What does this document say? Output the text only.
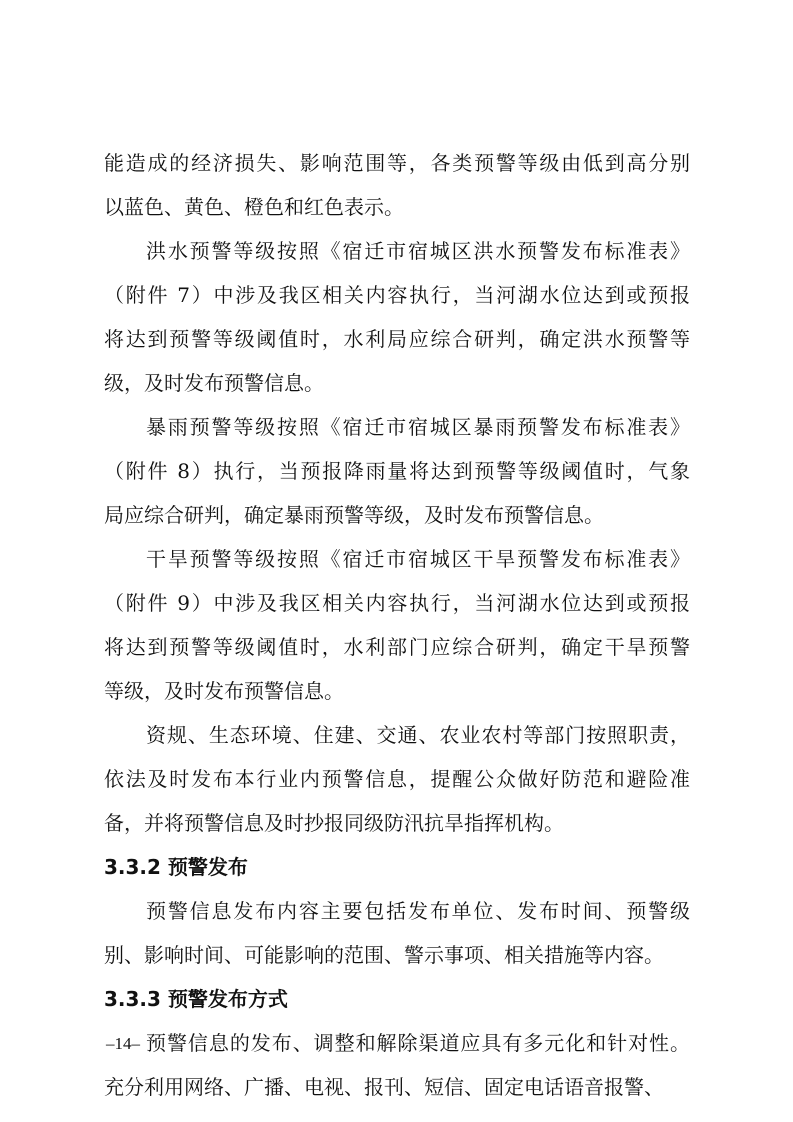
能造成的经济损失、影响范围等，各类预警等级由低到高分别
以蓝色、黄色、橙色和红色表示。
洪水预警等级按照《宿迁市宿城区洪水预警发布标准表》
（附件 7）中涉及我区相关内容执行，当河湖水位达到或预报
将达到预警等级阈值时，水利局应综合研判，确定洪水预警等
级，及时发布预警信息。
暴雨预警等级按照《宿迁市宿城区暴雨预警发布标准表》
（附件 8）执行，当预报降雨量将达到预警等级阈值时，气象
局应综合研判，确定暴雨预警等级，及时发布预警信息。
干旱预警等级按照《宿迁市宿城区干旱预警发布标准表》
（附件 9）中涉及我区相关内容执行，当河湖水位达到或预报
将达到预警等级阈值时，水利部门应综合研判，确定干旱预警
等级，及时发布预警信息。
资规、生态环境、住建、交通、农业农村等部门按照职责，
依法及时发布本行业内预警信息，提醒公众做好防范和避险准
备，并将预警信息及时抄报同级防汛抗旱指挥机构。
3.3.2 预警发布
预警信息发布内容主要包括发布单位、发布时间、预警级
别、影响时间、可能影响的范围、警示事项、相关措施等内容。
3.3.3 预警发布方式
预警信息的发布、调整和解除渠道应具有多元化和针对性。
充分利用网络、广播、电视、报刊、短信、固定电话语音报警、
–14–
